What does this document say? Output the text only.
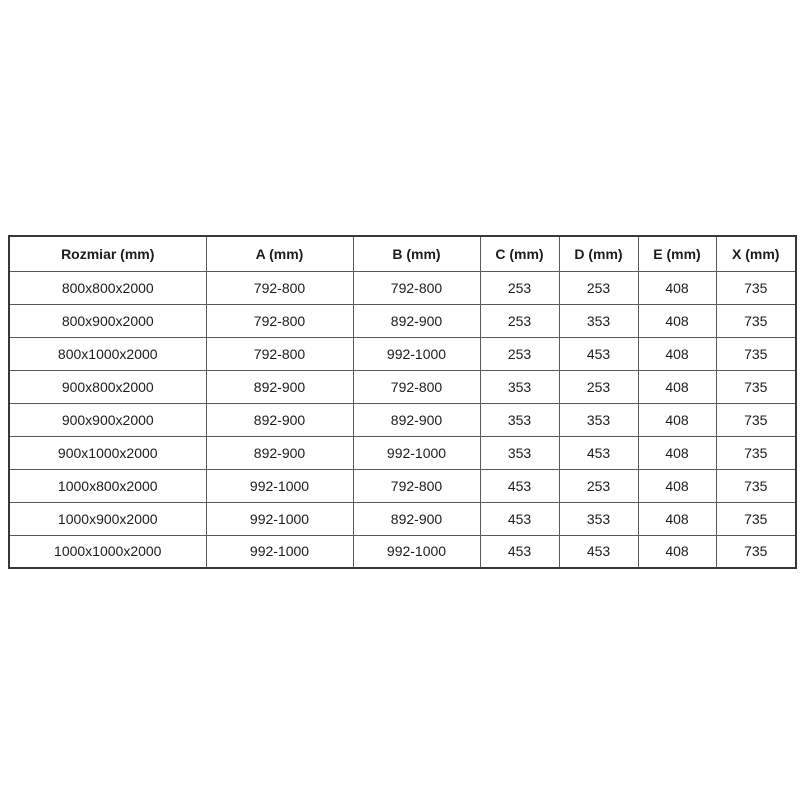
Rozmiar (mm)	A (mm)	B (mm)	C (mm)	D (mm)	E (mm)	X (mm)
800x800x2000	792-800	792-800	253	253	408	735
800x900x2000	792-800	892-900	253	353	408	735
800x1000x2000	792-800	992-1000	253	453	408	735
900x800x2000	892-900	792-800	353	253	408	735
900x900x2000	892-900	892-900	353	353	408	735
900x1000x2000	892-900	992-1000	353	453	408	735
1000x800x2000	992-1000	792-800	453	253	408	735
1000x900x2000	992-1000	892-900	453	353	408	735
1000x1000x2000	992-1000	992-1000	453	453	408	735
